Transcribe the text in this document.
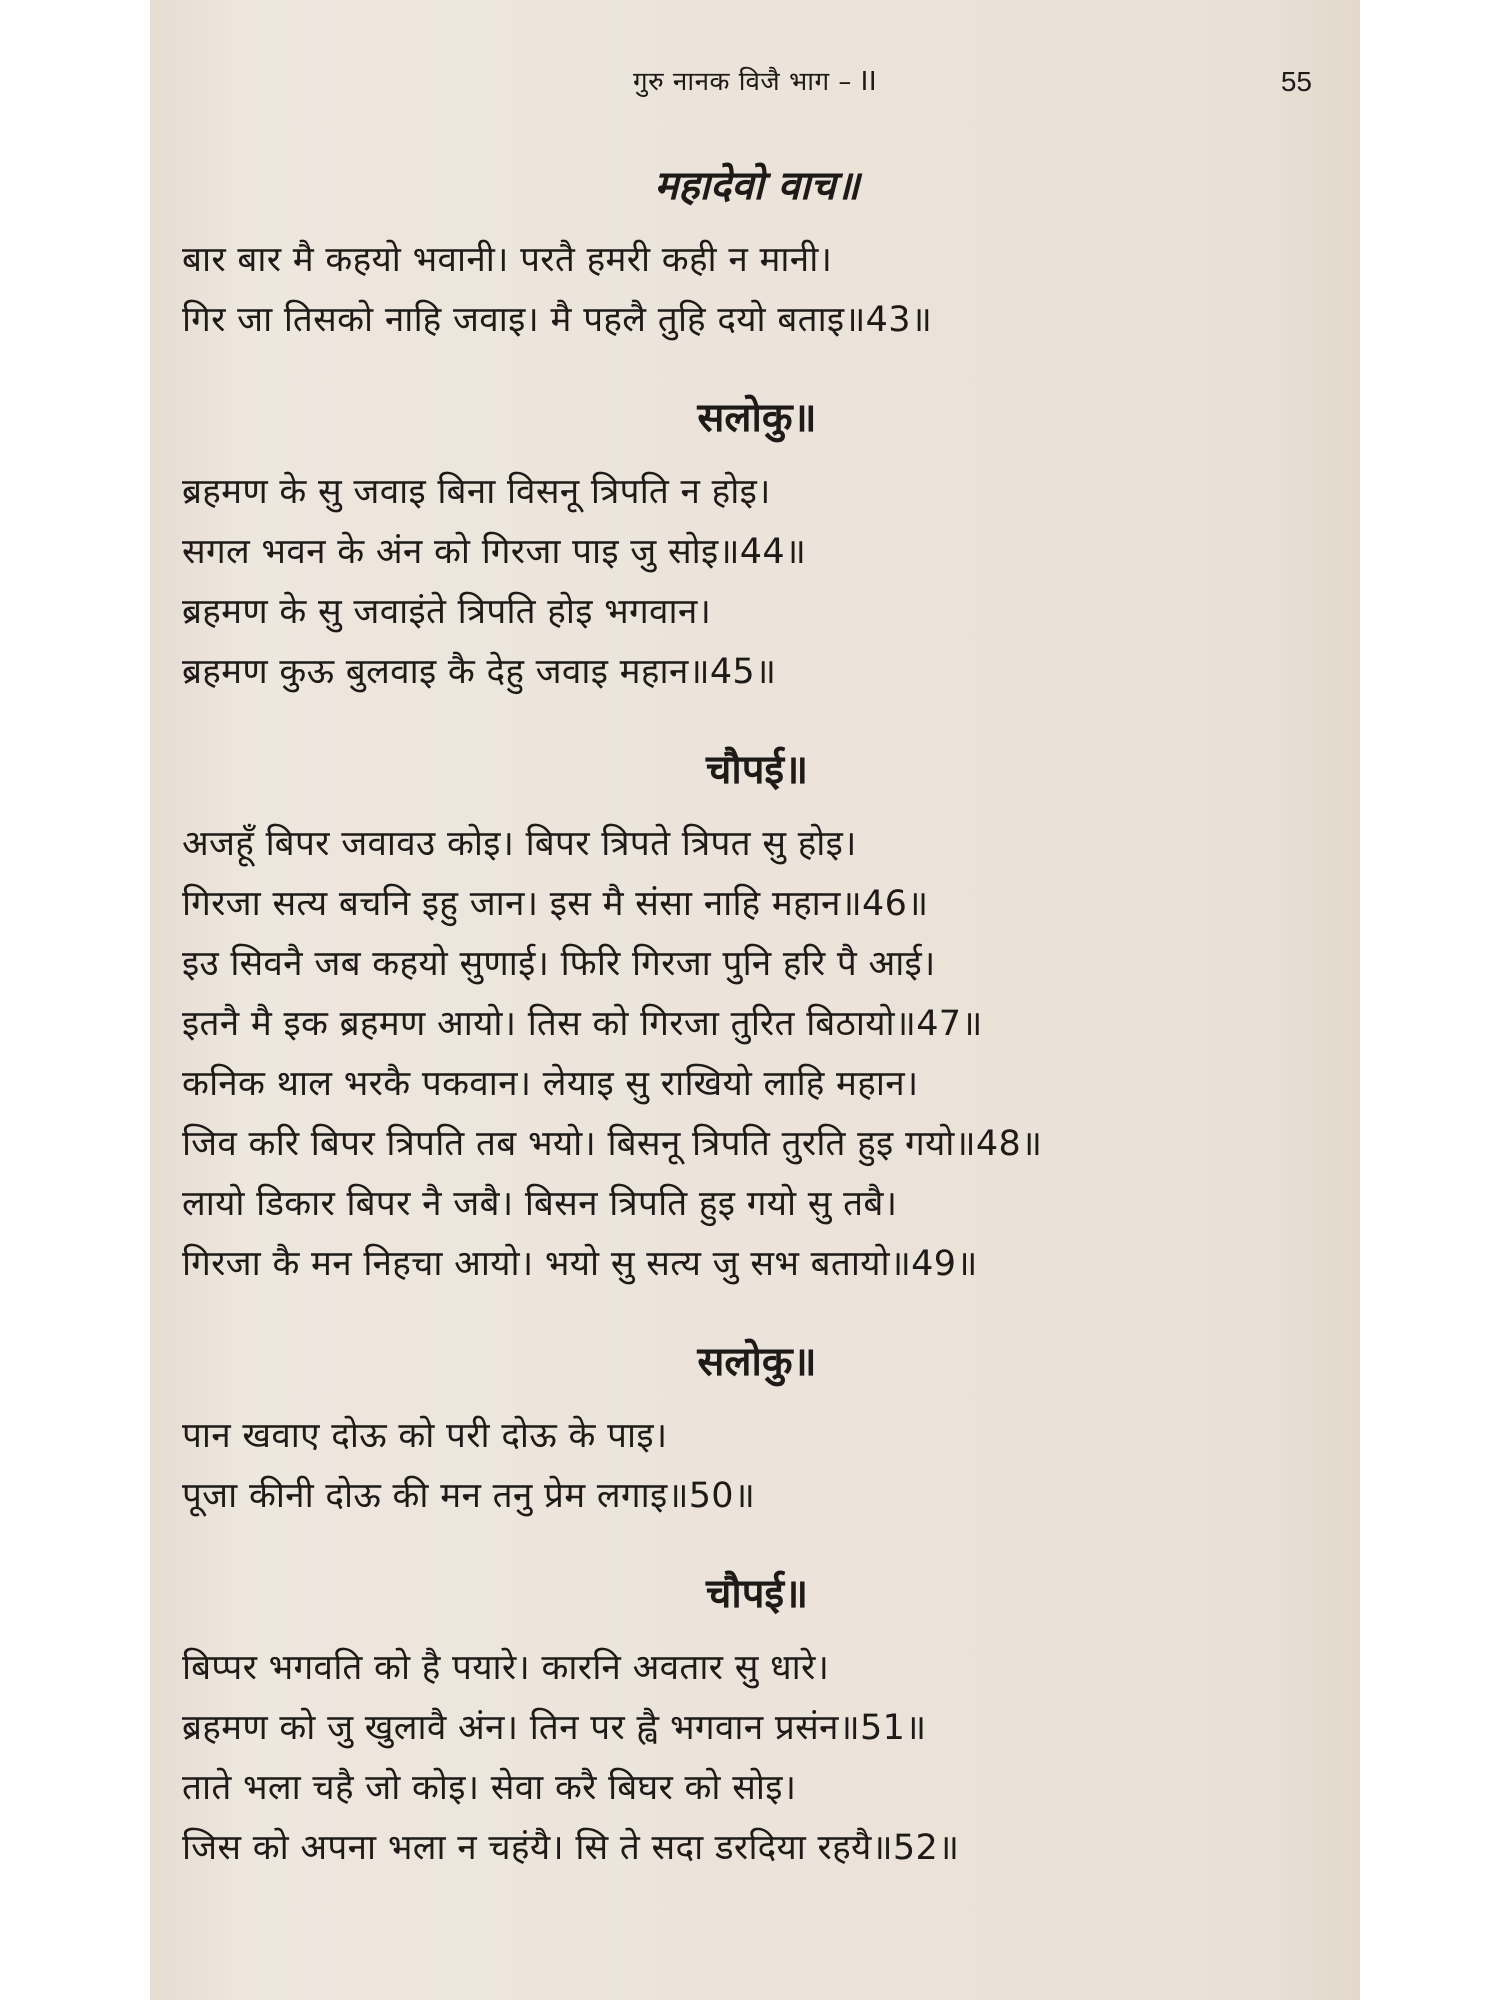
गुरु नानक विजै भाग – II	55
महादेवो वाच॥
बार बार मै कहयो भवानी। परतै हमरी कही न मानी।
गिर जा तिसको नाहि जवाइ। मै पहलै तुहि दयो बताइ॥43॥
सलोकु॥
ब्रहमण के सु जवाइ बिना विसनू त्रिपति न होइ।
सगल भवन के अंन को गिरजा पाइ जु सोइ॥44॥
ब्रहमण के सु जवाइंते त्रिपति होइ भगवान।
ब्रहमण कुऊ बुलवाइ कै देहु जवाइ महान॥45॥
चौपई॥
अजहूँ बिपर जवावउ कोइ। बिपर त्रिपते त्रिपत सु होइ।
गिरजा सत्य बचनि इहु जान। इस मै संसा नाहि महान॥46॥
इउ सिवनै जब कहयो सुणाई। फिरि गिरजा पुनि हरि पै आई।
इतनै मै इक ब्रहमण आयो। तिस को गिरजा तुरित बिठायो॥47॥
कनिक थाल भरकै पकवान। लेयाइ सु राखियो लाहि महान।
जिव करि बिपर त्रिपति तब भयो। बिसनू त्रिपति तुरति हुइ गयो॥48॥
लायो डिकार बिपर नै जबै। बिसन त्रिपति हुइ गयो सु तबै।
गिरजा कै मन निहचा आयो। भयो सु सत्य जु सभ बतायो॥49॥
सलोकु॥
पान खवाए दोऊ को परी दोऊ के पाइ।
पूजा कीनी दोऊ की मन तनु प्रेम लगाइ॥50॥
चौपई॥
बिप्पर भगवति को है पयारे। कारनि अवतार सु धारे।
ब्रहमण को जु खुलावै अंन। तिन पर ह्वै भगवान प्रसंन॥51॥
ताते भला चहै जो कोइ। सेवा करै बिघर को सोइ।
जिस को अपना भला न चहंयै। सि ते सदा डरदिया रहयै॥52॥
